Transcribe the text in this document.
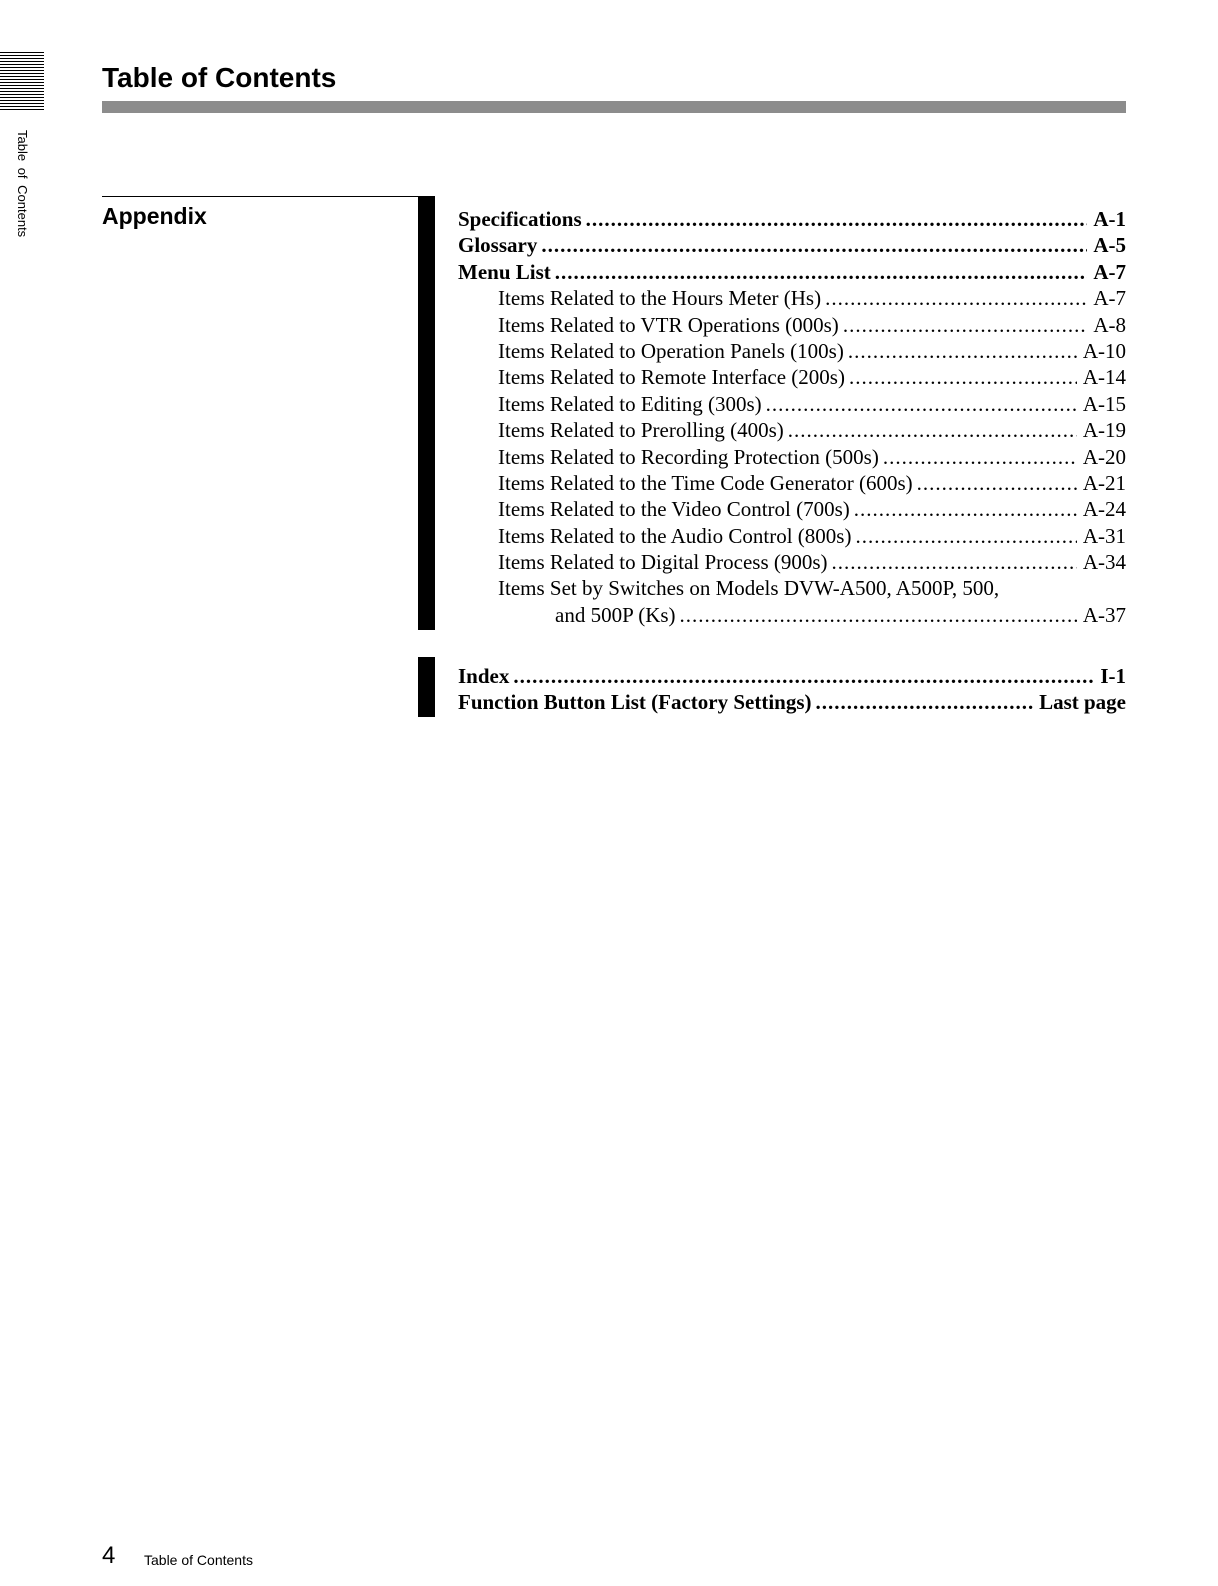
Table of Contents
Table of Contents
Appendix	Specifications .....	A-1
Glossary .....	A-5
Menu List .....	A-7
Items Related to the Hours Meter (Hs) .....	A-7
Items Related to VTR Operations (000s) .....	A-8
Items Related to Operation Panels (100s) .....	A-10
Items Related to Remote Interface (200s) .....	A-14
Items Related to Editing (300s) .....	A-15
Items Related to Prerolling (400s) .....	A-19
Items Related to Recording Protection (500s) .....	A-20
Items Related to the Time Code Generator (600s) .....	A-21
Items Related to the Video Control (700s) .....	A-24
Items Related to the Audio Control (800s) .....	A-31
Items Related to Digital Process (900s) .....	A-34
Items Set by Switches on Models DVW-A500, A500P, 500,
and 500P (Ks) .....	A-37
Index .....	I-1
Function Button List (Factory Settings) .....	Last page
4 Table of Contents
